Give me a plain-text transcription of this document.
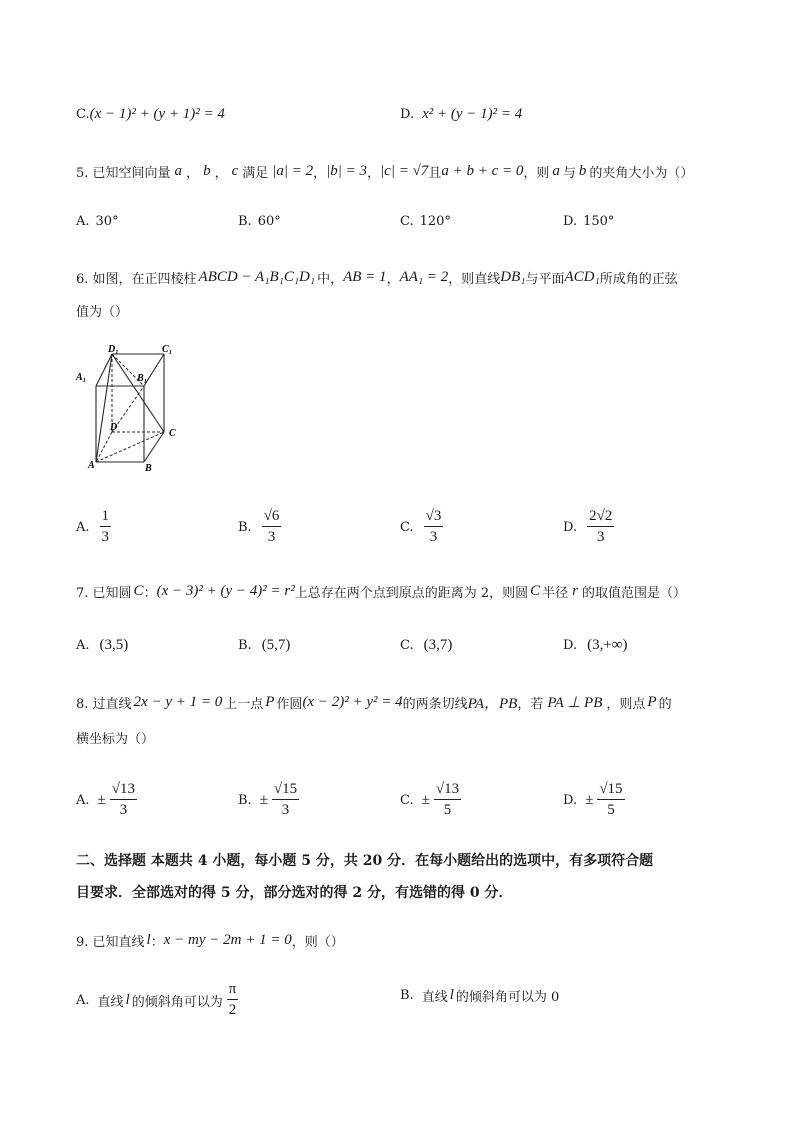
C. (x − 1)² + (y + 1)² = 4	D. x² + (y − 1)² = 4
5. 已知空间向量 a ， b ， c 满足 |a| = 2 ， |b| = 3 ， |c| = √7 且 a + b + c = 0 ，则 a 与 b 的夹角大小为（）
A. 30°	B. 60°	C. 120°	D. 150°
6. 如图，在正四棱柱 ABCD − A₁B₁C₁D₁ 中， AB = 1 ， AA₁ = 2 ，则直线 DB₁ 与平面 ACD₁ 所成角的正弦
值为（）
D₁	C₁
A₁	B₁
D
C
A	B
A. $\frac{1}{3}$	B. $\frac{√6}{3}$	C. $\frac{√3}{3}$	D. $\frac{2√2}{3}$
7. 已知圆 C ： (x − 3)² + (y − 4)² = r² 上总存在两个点到原点的距离为 2，则圆 C 半径 r 的取值范围是（）
A. (3,5)	B. (5,7)	C. (3,7)	D. (3,+∞)
8. 过直线 2x − y + 1 = 0 上一点 P 作圆 (x − 2)² + y² = 4 的两条切线 PA，PB ，若 PA ⊥ PB ，则点 P 的
横坐标为（）
A. ± $\frac{√13}{3}$	B. ± $\frac{√15}{3}$	C. ± $\frac{√13}{5}$	D. ± $\frac{√15}{5}$
二、选择题 本题共 4 小题，每小题 5 分，共 20 分．在每小题给出的选项中，有多项符合题
目要求．全部选对的得 5 分，部分选对的得 2 分，有选错的得 0 分．
9. 已知直线 l ： x − my − 2m + 1 = 0 ，则（）
A. 直线 l 的倾斜角可以为 $\frac{\pi}{2}$	B. 直线 l 的倾斜角可以为 0
